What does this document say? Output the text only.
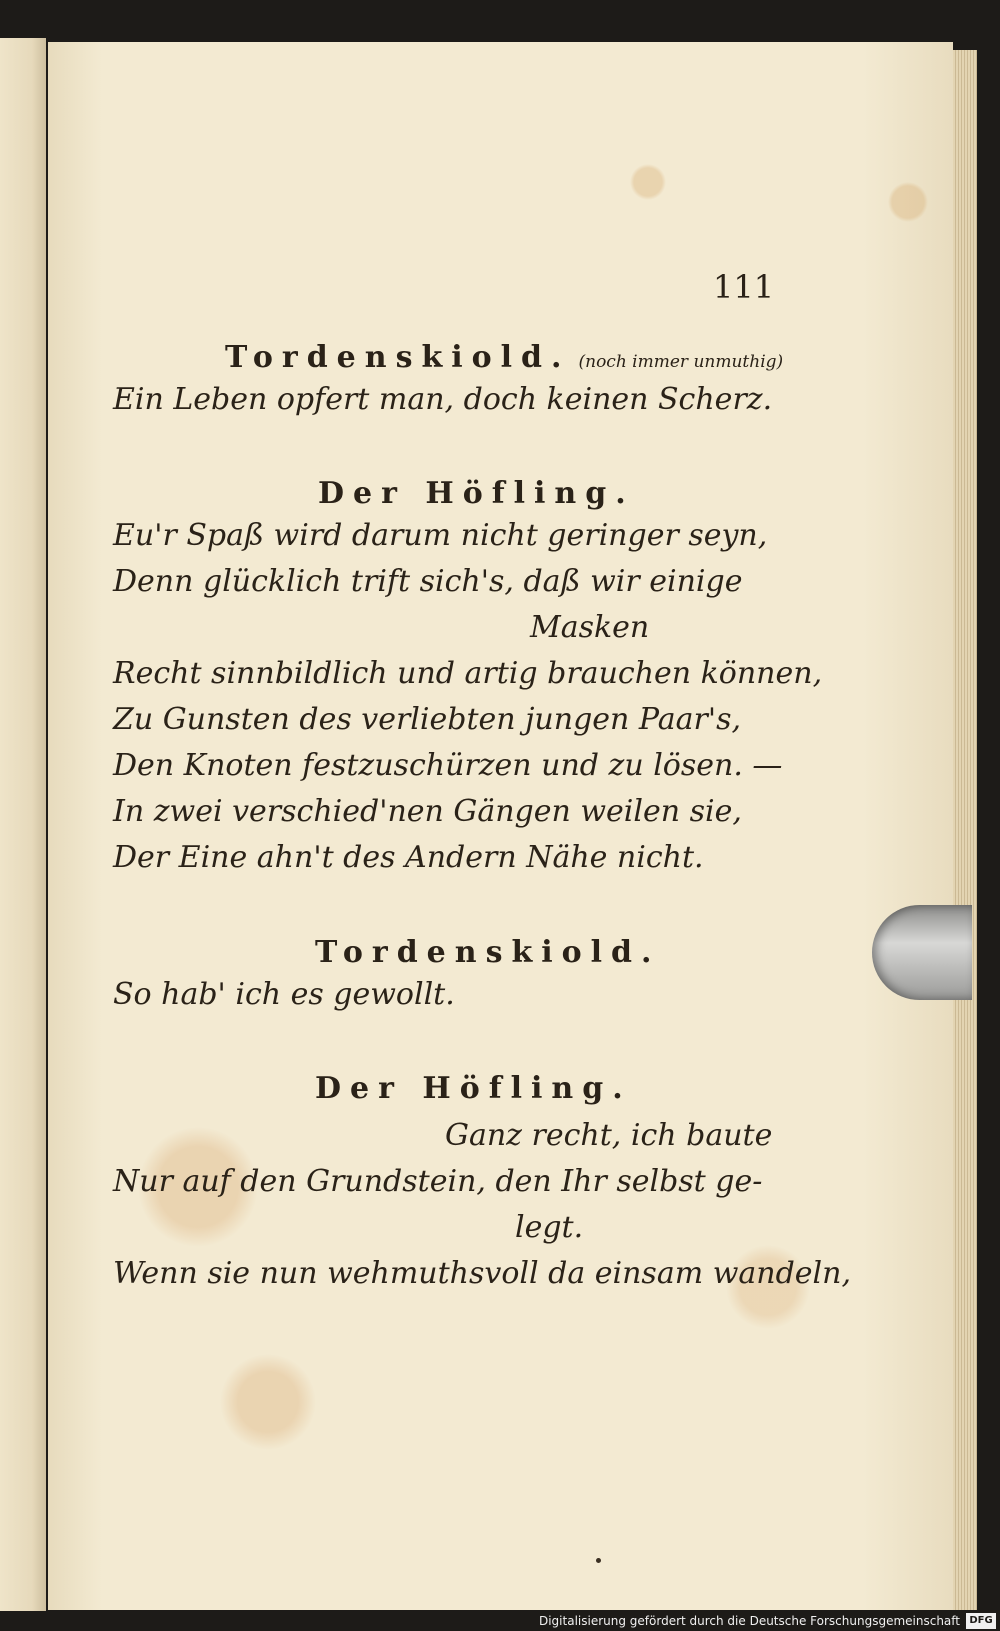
111
Tordenskiold. (noch immer unmuthig)
Ein Leben opfert man, doch keinen Scherz.
Der Höfling.
Eu'r Spaß wird darum nicht geringer seyn,
Denn glücklich trift sich's, daß wir einige
Masken
Recht sinnbildlich und artig brauchen können,
Zu Gunsten des verliebten jungen Paar's,
Den Knoten festzuschürzen und zu lösen. —
In zwei verschied'nen Gängen weilen sie,
Der Eine ahn't des Andern Nähe nicht.
Tordenskiold.
So hab' ich es gewollt.
Der Höfling.
Ganz recht, ich baute
Nur auf den Grundstein, den Ihr selbst ge-
legt.
Wenn sie nun wehmuthsvoll da einsam wandeln,
Digitalisierung gefördert durch die Deutsche Forschungsgemeinschaft DFG
